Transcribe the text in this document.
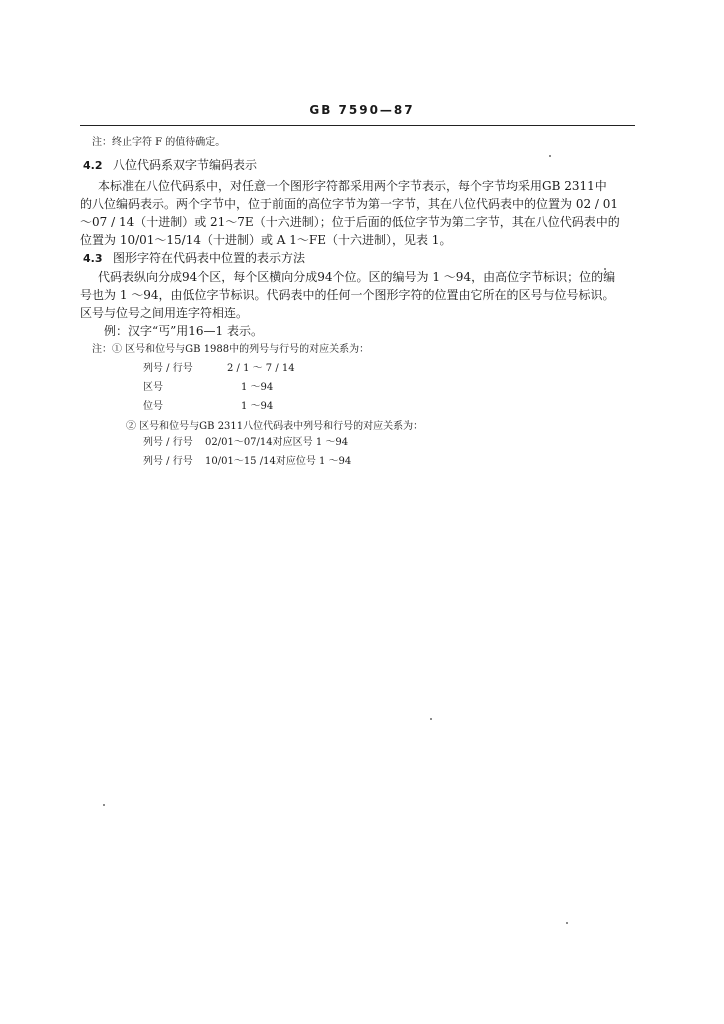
GB 7590—87
注：终止字符 F 的值待确定。
4.2 八位代码系双字节编码表示
本标准在八位代码系中，对任意一个图形字符都采用两个字节表示，每个字节均采用GB 2311中
的八位编码表示。两个字节中，位于前面的高位字节为第一字节，其在八位代码表中的位置为 02 / 01
～07 / 14（十进制）或 21～7E（十六进制）；位于后面的低位字节为第二字节，其在八位代码表中的
位置为 10/01～15/14（十进制）或 A 1～FE（十六进制），见表 1。
4.3 图形字符在代码表中位置的表示方法
代码表纵向分成94个区，每个区横向分成94个位。区的编号为 1 ～94，由高位字节标识；位的编
号也为 1 ～94，由低位字节标识。代码表中的任何一个图形字符的位置由它所在的区号与位号标识。
区号与位号之间用连字符相连。
例：汉字“丐”用16—1 表示。
注：① 区号和位号与GB 1988中的列号与行号的对应关系为：
列号 / 行号	2 / 1 ～ 7 / 14
区号	1 ～94
位号	1 ～94
② 区号和位号与GB 2311八位代码表中列号和行号的对应关系为：
列号 / 行号 02/01～07/14对应区号 1 ～94
列号 / 行号 10/01～15 /14对应位号 1 ～94
